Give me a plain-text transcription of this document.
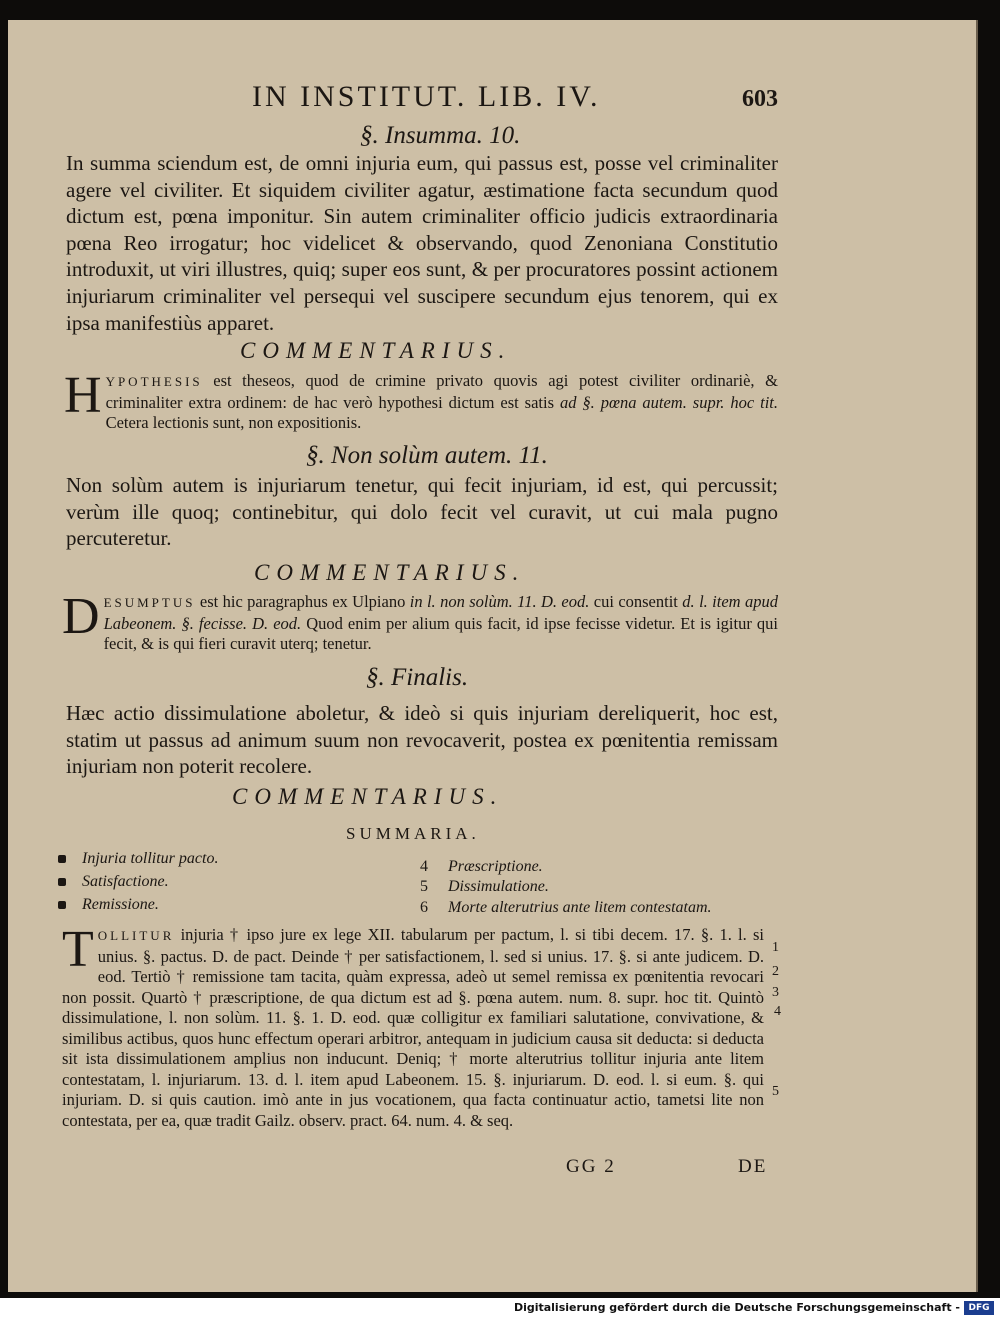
IN INSTITUT. LIB. IV.	603
§. Insumma. 10.
In summa sciendum est, de omni injuria eum, qui passus est, posse vel criminaliter agere vel civiliter. Et siquidem civiliter agatur, æstimatione facta secundum quod dictum est, pœna imponitur. Sin autem criminaliter officio judicis extraordinaria pœna Reo irrogatur; hoc videlicet & observando, quod Zenoniana Constitutio introduxit, ut viri illustres, quiq; super eos sunt, & per procuratores possint actionem injuriarum criminaliter vel persequi vel suscipere secundum ejus tenorem, qui ex ipsa manifestiùs apparet.
COMMENTARIUS.
HYPOTHESIS est theseos, quod de crimine privato quovis agi potest civiliter ordinariè, & criminaliter extra ordinem: de hac verò hypothesi dictum est satis ad §. pœna autem. supr. hoc tit. Cetera lectionis sunt, non expositionis.
§. Non solùm autem. 11.
Non solùm autem is injuriarum tenetur, qui fecit injuriam, id est, qui percussit; verùm ille quoq; continebitur, qui dolo fecit vel curavit, ut cui mala pugno percuteretur.
COMMENTARIUS.
DESUMPTUS est hic paragraphus ex Ulpiano in l. non solùm. 11. D. eod. cui consentit d. l. item apud Labeonem. §. fecisse. D. eod. Quod enim per alium quis facit, id ipse fecisse videtur. Et is igitur qui fecit, & is qui fieri curavit uterq; tenetur.
§. Finalis.
Hæc actio dissimulatione aboletur, & ideò si quis injuriam dereliquerit, hoc est, statim ut passus ad animum suum non revocaverit, postea ex pœnitentia remissam injuriam non poterit recolere.
COMMENTARIUS.
SUMMARIA.
Injuria tollitur pacto.
Satisfactione.
Remissione.
4 Præscriptione.
5 Dissimulatione.
6 Morte alterutrius ante litem contestatam.
TOLLITUR injuria † ipso jure ex lege XII. tabularum per pactum, l. si tibi decem. 17. §. 1. l. si unius. §. pactus. D. de pact. Deinde † per satisfactionem, l. sed si unius. 17. §. si ante judicem. D. eod. Tertiò † remissione tam tacita, quàm expressa, adeò ut semel remissa ex pœnitentia revocari non possit. Quartò † præscriptione, de qua dictum est ad §. pœna autem. num. 8. supr. hoc tit. Quintò dissimulatione, l. non solùm. 11. §. 1. D. eod. quæ colligitur ex familiari salutatione, convivatione, & similibus actibus, quos hunc effectum operari arbitror, antequam in judicium causa sit deducta: si deducta sit ista dissimulationem amplius non inducunt. Deniq; † morte alterutrius tollitur injuria ante litem contestatam, l. injuriarum. 13. d. l. item apud Labeonem. 15. §. injuriarum. D. eod. l. si eum. §. qui injuriam. D. si quis caution. imò ante in jus vocationem, qua facta continuatur actio, tametsi lite non contestata, per ea, quæ tradit Gailz. observ. pract. 64. num. 4. & seq.
1
2
3
4
5
GG 2	DE
Digitalisierung gefördert durch die Deutsche Forschungsgemeinschaft - DFG
